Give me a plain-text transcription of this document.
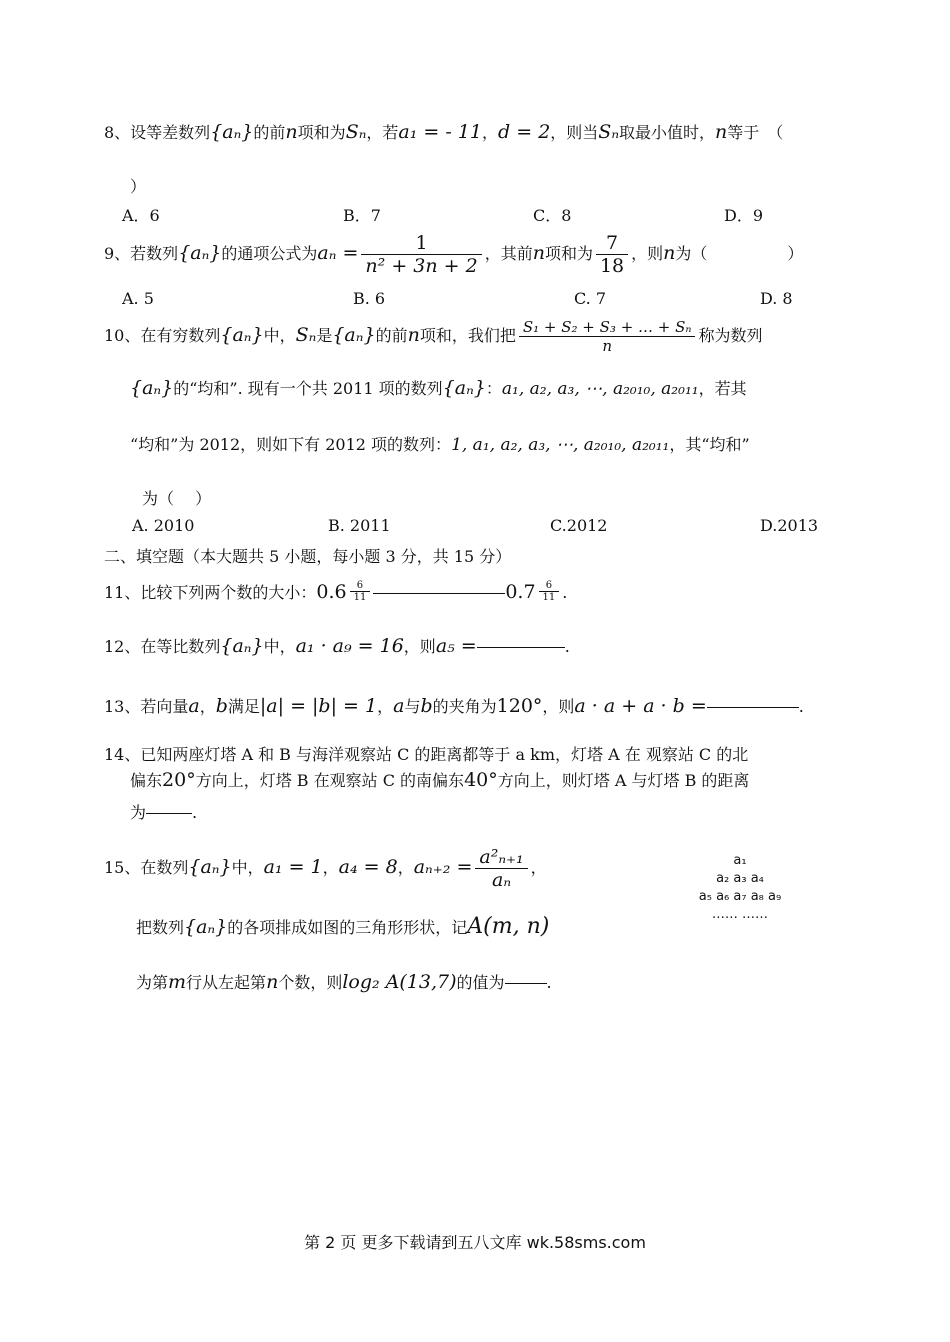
8、设等差数列{aₙ}的前n项和为Sₙ，若a₁ = - 11，d = 2，则当Sₙ取最小值时，n等于　（
）
A．6	B．7	C．8	D．9
9、若数列{aₙ}的通项公式为$a_n = \frac{1}{\text{n² + 3n + 2}}$ ，其前n项和为 $\frac{7}{18}$ ，则n为（　　　　　）
A. 5	B. 6	C. 7	D. 8
10、在有穷数列{aₙ}中，Sₙ是{aₙ}的前n项和，我们把 $\frac{\text{S₁ + S₂ + S₃ + … + Sₙ}}{n}$ 称为数列
{aₙ}的“均和”. 现有一个共 2011 项的数列{aₙ}：a₁, a₂, a₃, ⋯, a₂₀₁₀, a₂₀₁₁，若其
“均和”为 2012，则如下有 2012 项的数列：1, a₁, a₂, a₃, ⋯, a₂₀₁₀, a₂₀₁₁，其“均和”
为（　 ）
A. 2010	B. 2011	C.2012	D.2013
二、填空题（本大题共 5 小题，每小题 3 分，共 15 分）
11、比较下列两个数的大小：$0.6 \frac{6}{11}$	$0.7 \frac{6}{11}$ .
12、在等比数列{aₙ}中，a₁ · a₉ = 16，则a₅ =	.
13、若向量a，b满足|a| = |b| = 1，a与b的夹角为120°，则a · a + a · b =	.
14、已知两座灯塔 A 和 B 与海洋观察站 C 的距离都等于 a km，灯塔 A 在 观察站 C 的北
偏东20°方向上，灯塔 B 在观察站 C 的南偏东40°方向上，则灯塔 A 与灯塔 B 的距离
为	.
15、在数列{aₙ}中，a₁ = 1，a₄ = 8，$a_{n+2} = \frac{\text{a²ₙ₊₁}}{\text{aₙ}}$ ，
把数列{aₙ}的各项排成如图的三角形形状，记A(m, n)
为第m行从左起第n个数，则log₂ A(13,7)的值为	.
a₁
a₂ a₃ a₄
a₅ a₆ a₇ a₈ a₉
…… ……
第 2 页 更多下载请到五八文库 wk.58sms.com
